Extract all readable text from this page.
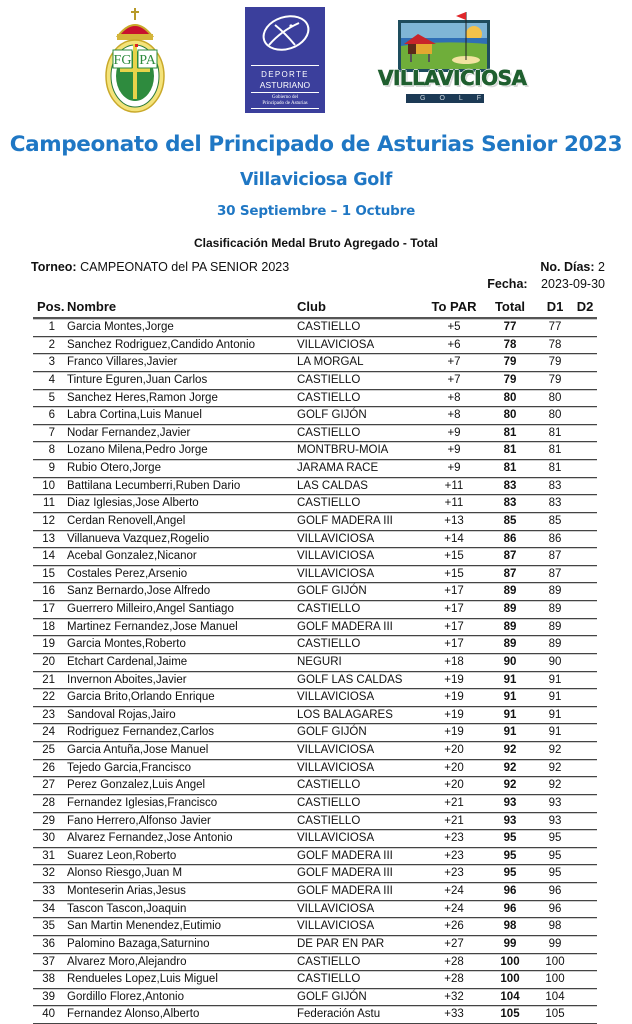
FG PA
DEPORTE
ASTURIANO
Gobierno del
Principado de Asturias
VILLAVICIOSA
GOLF
Campeonato del Principado de Asturias Senior 2023
Villaviciosa Golf
30 Septiembre – 1 Octubre
Clasificación Medal Bruto Agregado - Total
Torneo: CAMPEONATO del PA SENIOR 2023	No. Días: 2
Fecha: 2023-09-30
Pos. Nombre	Club	To PAR	Total	D1	D2
1 Garcia Montes,Jorge	CASTIELLO	+5	77	77
2 Sanchez Rodriguez,Candido Antonio	VILLAVICIOSA	+6	78	78
3 Franco Villares,Javier	LA MORGAL	+7	79	79
4 Tinture Eguren,Juan Carlos	CASTIELLO	+7	79	79
5 Sanchez Heres,Ramon Jorge	CASTIELLO	+8	80	80
6 Labra Cortina,Luis Manuel	GOLF GIJÓN	+8	80	80
7 Nodar Fernandez,Javier	CASTIELLO	+9	81	81
8 Lozano Milena,Pedro Jorge	MONTBRU-MOIA	+9	81	81
9 Rubio Otero,Jorge	JARAMA RACE	+9	81	81
10 Battilana Lecumberri,Ruben Dario	LAS CALDAS	+11	83	83
11 Diaz Iglesias,Jose Alberto	CASTIELLO	+11	83	83
12 Cerdan Renovell,Angel	GOLF MADERA III	+13	85	85
13 Villanueva Vazquez,Rogelio	VILLAVICIOSA	+14	86	86
14 Acebal Gonzalez,Nicanor	VILLAVICIOSA	+15	87	87
15 Costales Perez,Arsenio	VILLAVICIOSA	+15	87	87
16 Sanz Bernardo,Jose Alfredo	GOLF GIJÓN	+17	89	89
17 Guerrero Milleiro,Angel Santiago	CASTIELLO	+17	89	89
18 Martinez Fernandez,Jose Manuel	GOLF MADERA III	+17	89	89
19 Garcia Montes,Roberto	CASTIELLO	+17	89	89
20 Etchart Cardenal,Jaime	NEGURI	+18	90	90
21 Invernon Aboites,Javier	GOLF LAS CALDAS	+19	91	91
22 Garcia Brito,Orlando Enrique	VILLAVICIOSA	+19	91	91
23 Sandoval Rojas,Jairo	LOS BALAGARES	+19	91	91
24 Rodriguez Fernandez,Carlos	GOLF GIJÓN	+19	91	91
25 Garcia Antuña,Jose Manuel	VILLAVICIOSA	+20	92	92
26 Tejedo Garcia,Francisco	VILLAVICIOSA	+20	92	92
27 Perez Gonzalez,Luis Angel	CASTIELLO	+20	92	92
28 Fernandez Iglesias,Francisco	CASTIELLO	+21	93	93
29 Fano Herrero,Alfonso Javier	CASTIELLO	+21	93	93
30 Alvarez Fernandez,Jose Antonio	VILLAVICIOSA	+23	95	95
31 Suarez Leon,Roberto	GOLF MADERA III	+23	95	95
32 Alonso Riesgo,Juan M	GOLF MADERA III	+23	95	95
33 Monteserin Arias,Jesus	GOLF MADERA III	+24	96	96
34 Tascon Tascon,Joaquin	VILLAVICIOSA	+24	96	96
35 San Martin Menendez,Eutimio	VILLAVICIOSA	+26	98	98
36 Palomino Bazaga,Saturnino	DE PAR EN PAR	+27	99	99
37 Alvarez Moro,Alejandro	CASTIELLO	+28	100	100
38 Rendueles Lopez,Luis Miguel	CASTIELLO	+28	100	100
39 Gordillo Florez,Antonio	GOLF GIJÓN	+32	104	104
40 Fernandez Alonso,Alberto	Federación Astu	+33	105	105
